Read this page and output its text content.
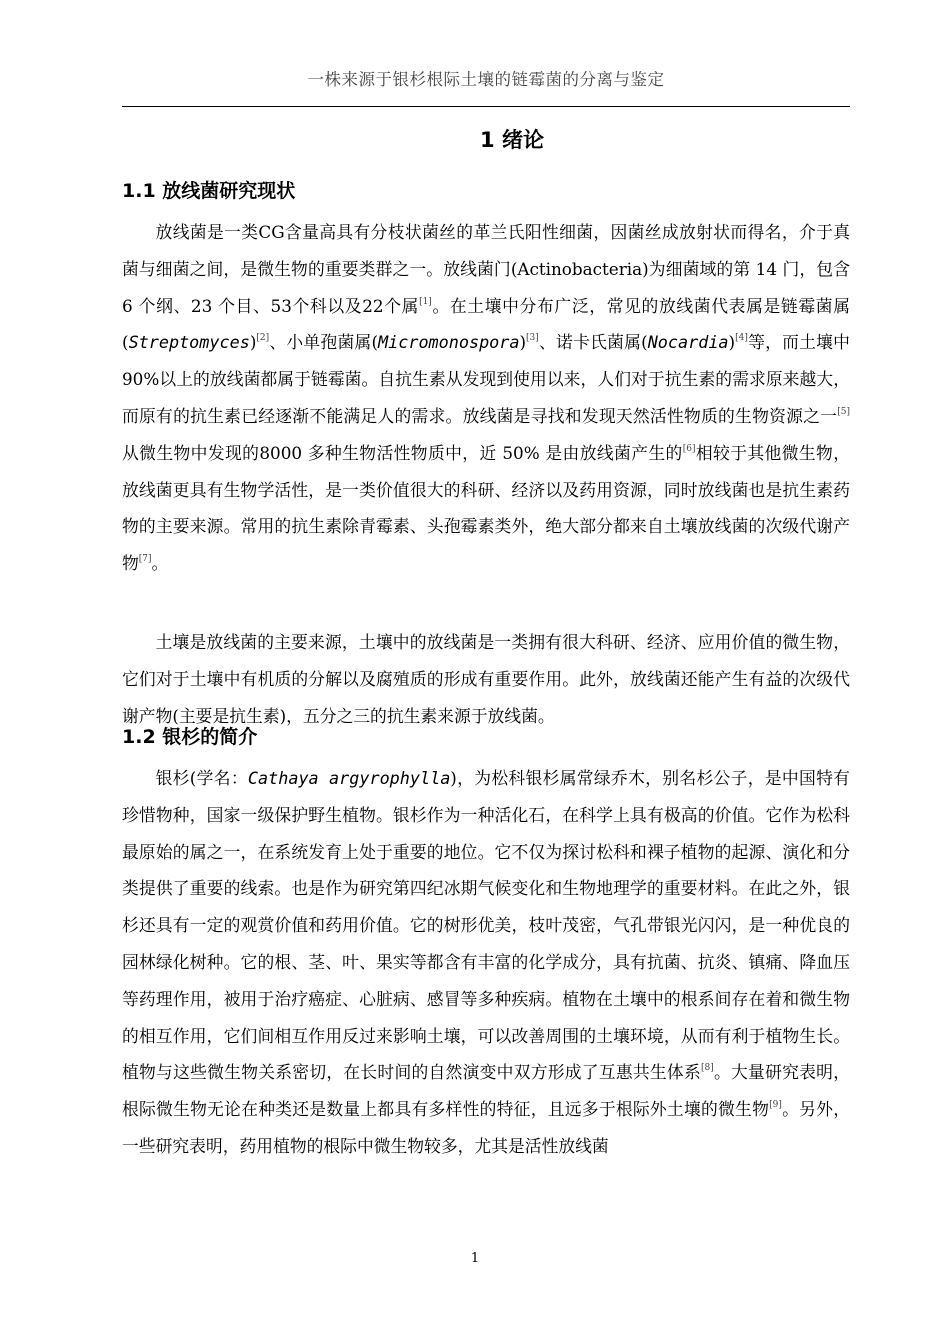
一株来源于银杉根际土壤的链霉菌的分离与鉴定
1 绪论
1.1 放线菌研究现状

放线菌是一类CG含量高具有分枝状菌丝的革兰氏阳性细菌，因菌丝成放射状而得名，介于真菌与细菌之间，是微生物的重要类群之一。放线菌门(Actinobacteria)为细菌域的第 14 门，包含 6 个纲、23 个目、53个科以及22个属[1]。在土壤中分布广泛，常见的放线菌代表属是链霉菌属(Streptomyces)[2]、小单孢菌属(Micromonospora)[3]、诺卡氏菌属(Nocardia)[4]等，而土壤中90%以上的放线菌都属于链霉菌。自抗生素从发现到使用以来，人们对于抗生素的需求原来越大，而原有的抗生素已经逐渐不能满足人的需求。放线菌是寻找和发现天然活性物质的生物资源之一[5]从微生物中发现的8000 多种生物活性物质中，近 50% 是由放线菌产生的[6]相较于其他微生物，放线菌更具有生物学活性，是一类价值很大的科研、经济以及药用资源，同时放线菌也是抗生素药物的主要来源。常用的抗生素除青霉素、头孢霉素类外，绝大部分都来自土壤放线菌的次级代谢产物[7]。

土壤是放线菌的主要来源，土壤中的放线菌是一类拥有很大科研、经济、应用价值的微生物，它们对于土壤中有机质的分解以及腐殖质的形成有重要作用。此外，放线菌还能产生有益的次级代谢产物(主要是抗生素)，五分之三的抗生素来源于放线菌。

1.2 银杉的简介

银杉(学名：Cathaya argyrophylla)，为松科银杉属常绿乔木，别名杉公子，是中国特有珍惜物种，国家一级保护野生植物。银杉作为一种活化石，在科学上具有极高的价值。它作为松科最原始的属之一，在系统发育上处于重要的地位。它不仅为探讨松科和裸子植物的起源、演化和分类提供了重要的线索。也是作为研究第四纪冰期气候变化和生物地理学的重要材料。在此之外，银杉还具有一定的观赏价值和药用价值。它的树形优美，枝叶茂密，气孔带银光闪闪，是一种优良的园林绿化树种。它的根、茎、叶、果实等都含有丰富的化学成分，具有抗菌、抗炎、镇痛、降血压等药理作用，被用于治疗癌症、心脏病、感冒等多种疾病。植物在土壤中的根系间存在着和微生物的相互作用，它们间相互作用反过来影响土壤，可以改善周围的土壤环境，从而有利于植物生长。植物与这些微生物关系密切，在长时间的自然演变中双方形成了互惠共生体系[8]。大量研究表明，根际微生物无论在种类还是数量上都具有多样性的特征，且远多于根际外土壤的微生物[9]。另外，一些研究表明，药用植物的根际中微生物较多，尤其是活性放线菌

1
